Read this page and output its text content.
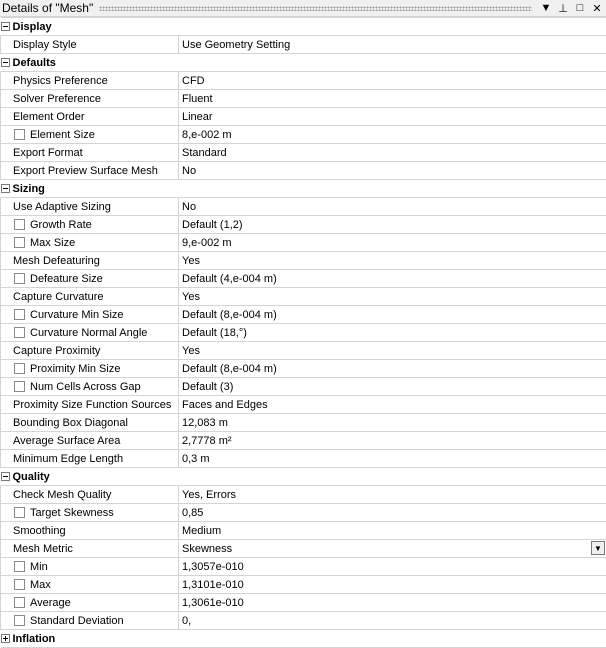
Details of "Mesh"	▼ ⊥ □ ✕
Display	

Display Style	Use Geometry Setting

Defaults	

Physics Preference	CFD

Solver Preference	Fluent

Element Order	Linear

Element Size	8,e-002 m

Export Format	Standard

Export Preview Surface Mesh	No

Sizing	

Use Adaptive Sizing	No

Growth Rate	Default (1,2)

Max Size	9,e-002 m

Mesh Defeaturing	Yes

Defeature Size	Default (4,e-004 m)

Capture Curvature	Yes

Curvature Min Size	Default (8,e-004 m)

Curvature Normal Angle	Default (18,°)

Capture Proximity	Yes

Proximity Min Size	Default (8,e-004 m)

Num Cells Across Gap	Default (3)

Proximity Size Function Sources	Faces and Edges

Bounding Box Diagonal	12,083 m

Average Surface Area	2,7778 m²

Minimum Edge Length	0,3 m

Quality	

Check Mesh Quality	Yes, Errors

Target Skewness	0,85

Smoothing	Medium

Mesh Metric	Skewness ▼

Min	1,3057e-010

Max	1,3101e-010

Average	1,3061e-010

Standard Deviation	0,

Inflation	
